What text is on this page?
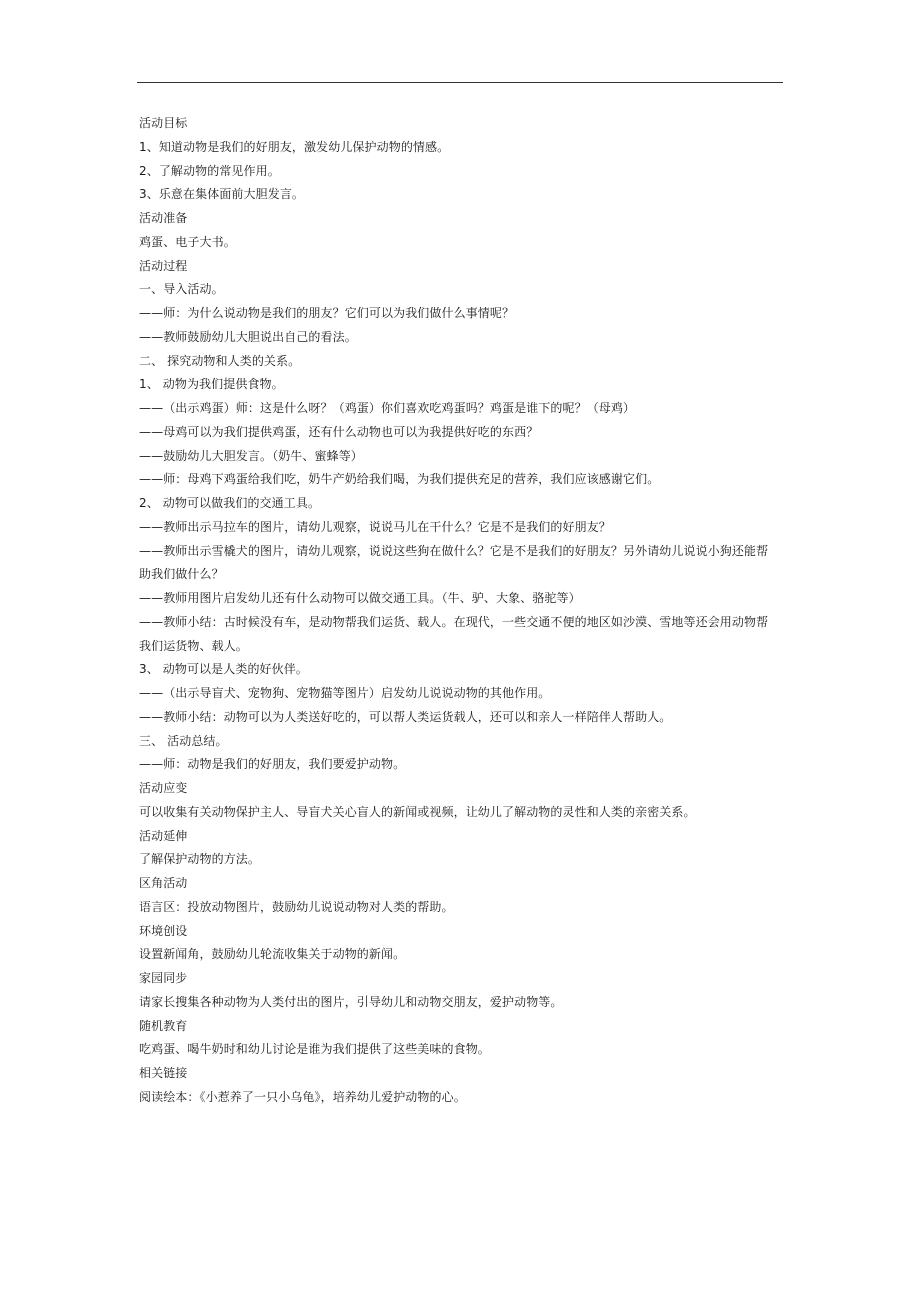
活动目标
1、知道动物是我们的好朋友，激发幼儿保护动物的情感。
2、了解动物的常见作用。
3、乐意在集体面前大胆发言。
活动准备
鸡蛋、电子大书。
活动过程
一、导入活动。
——师：为什么说动物是我们的朋友？它们可以为我们做什么事情呢？
——教师鼓励幼儿大胆说出自己的看法。
二、 探究动物和人类的关系。
1、 动物为我们提供食物。
——（出示鸡蛋）师：这是什么呀？（鸡蛋）你们喜欢吃鸡蛋吗？鸡蛋是谁下的呢？（母鸡）
——母鸡可以为我们提供鸡蛋，还有什么动物也可以为我提供好吃的东西？
——鼓励幼儿大胆发言。（奶牛、蜜蜂等）
——师：母鸡下鸡蛋给我们吃，奶牛产奶给我们喝，为我们提供充足的营养，我们应该感谢它们。
2、 动物可以做我们的交通工具。
——教师出示马拉车的图片，请幼儿观察，说说马儿在干什么？它是不是我们的好朋友？
——教师出示雪橇犬的图片，请幼儿观察，说说这些狗在做什么？它是不是我们的好朋友？另外请幼儿说说小狗还能帮
助我们做什么？
——教师用图片启发幼儿还有什么动物可以做交通工具。（牛、驴、大象、骆驼等）
——教师小结：古时候没有车，是动物帮我们运货、载人。在现代，一些交通不便的地区如沙漠、雪地等还会用动物帮
我们运货物、载人。
3、 动物可以是人类的好伙伴。
——（出示导盲犬、宠物狗、宠物猫等图片）启发幼儿说说动物的其他作用。
——教师小结：动物可以为人类送好吃的，可以帮人类运货载人，还可以和亲人一样陪伴人帮助人。
三、 活动总结。
——师：动物是我们的好朋友，我们要爱护动物。
活动应变
可以收集有关动物保护主人、导盲犬关心盲人的新闻或视频，让幼儿了解动物的灵性和人类的亲密关系。
活动延伸
了解保护动物的方法。
区角活动
语言区：投放动物图片，鼓励幼儿说说动物对人类的帮助。
环境创设
设置新闻角，鼓励幼儿轮流收集关于动物的新闻。
家园同步
请家长搜集各种动物为人类付出的图片，引导幼儿和动物交朋友，爱护动物等。
随机教育
吃鸡蛋、喝牛奶时和幼儿讨论是谁为我们提供了这些美味的食物。
相关链接
阅读绘本：《小惹养了一只小乌龟》，培养幼儿爱护动物的心。
